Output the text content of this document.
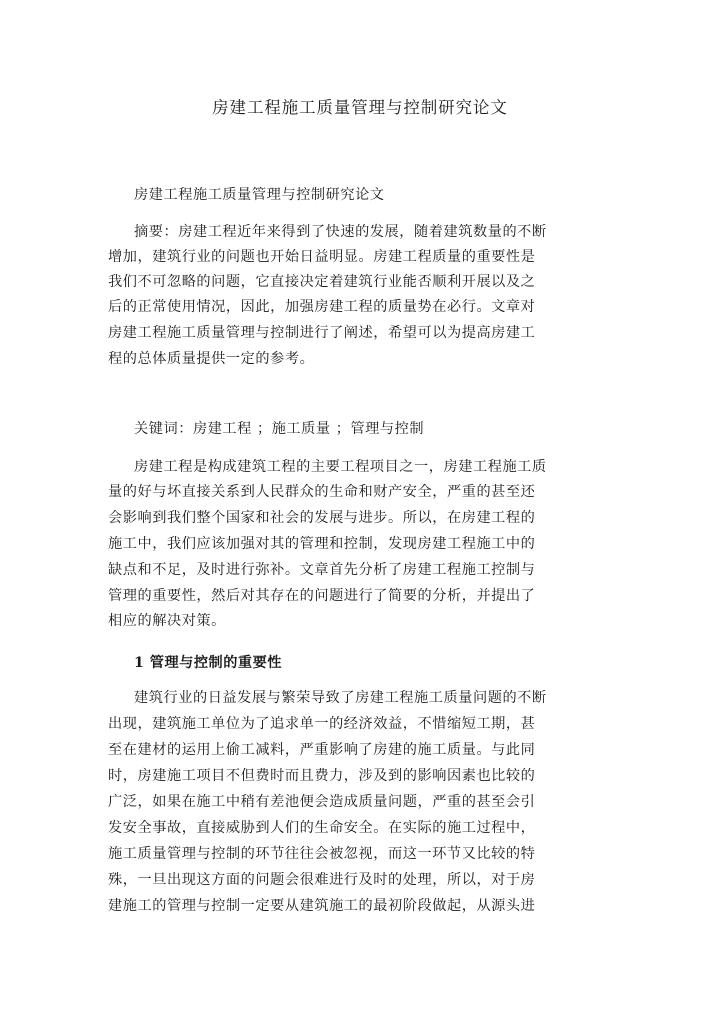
房建工程施工质量管理与控制研究论文

房建工程施工质量管理与控制研究论文

摘要：房建工程近年来得到了快速的发展，随着建筑数量的不断

增加，建筑行业的问题也开始日益明显。房建工程质量的重要性是

我们不可忽略的问题，它直接决定着建筑行业能否顺利开展以及之

后的正常使用情况，因此，加强房建工程的质量势在必行。文章对

房建工程施工质量管理与控制进行了阐述，希望可以为提高房建工

程的总体质量提供一定的参考。

关键词：房建工程 ；施工质量 ；管理与控制

房建工程是构成建筑工程的主要工程项目之一，房建工程施工质

量的好与坏直接关系到人民群众的生命和财产安全，严重的甚至还

会影响到我们整个国家和社会的发展与进步。所以，在房建工程的

施工中，我们应该加强对其的管理和控制，发现房建工程施工中的

缺点和不足，及时进行弥补。文章首先分析了房建工程施工控制与

管理的重要性，然后对其存在的问题进行了简要的分析，并提出了

相应的解决对策。

1 管理与控制的重要性

建筑行业的日益发展与繁荣导致了房建工程施工质量问题的不断

出现，建筑施工单位为了追求单一的经济效益，不惜缩短工期，甚

至在建材的运用上偷工减料，严重影响了房建的施工质量。与此同

时，房建施工项目不但费时而且费力，涉及到的影响因素也比较的

广泛，如果在施工中稍有差池便会造成质量问题，严重的甚至会引

发安全事故，直接威胁到人们的生命安全。在实际的施工过程中，

施工质量管理与控制的环节往往会被忽视，而这一环节又比较的特

殊，一旦出现这方面的问题会很难进行及时的处理，所以，对于房

建施工的管理与控制一定要从建筑施工的最初阶段做起，从源头进
